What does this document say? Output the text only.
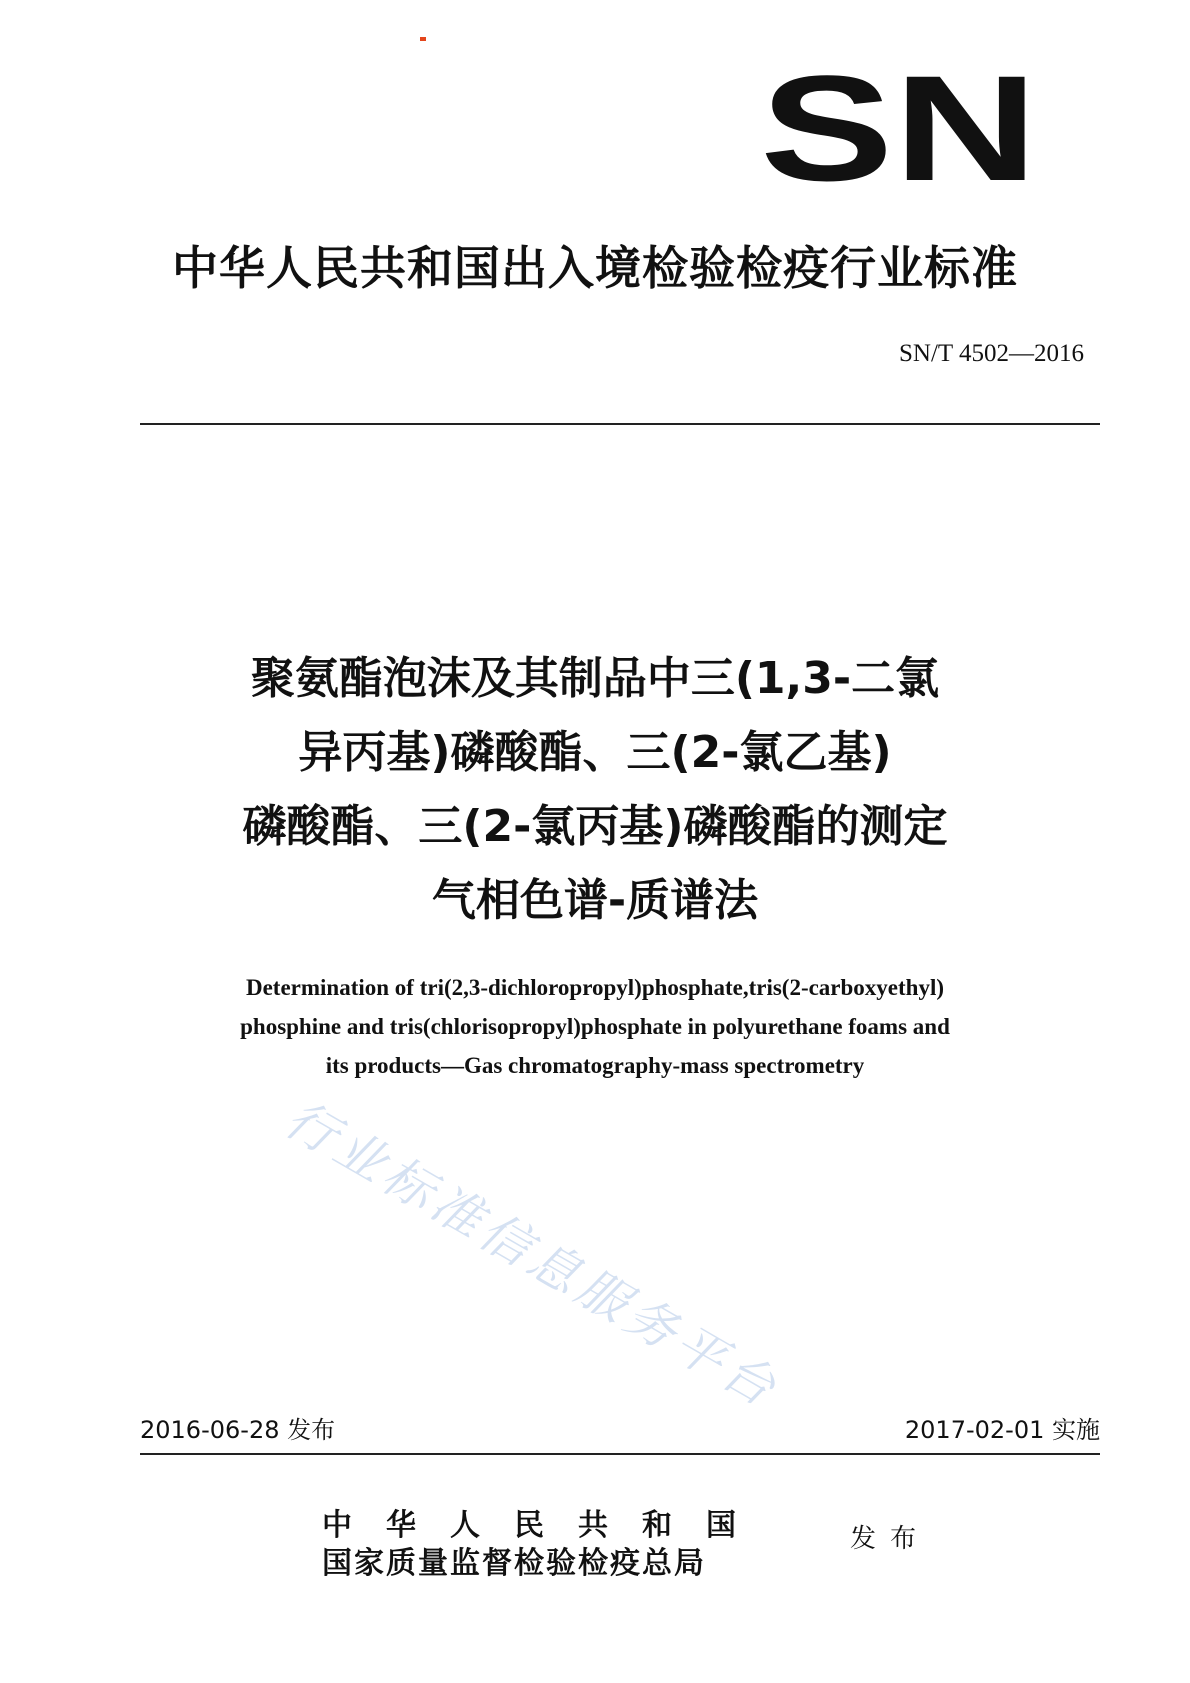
SN
中华人民共和国出入境检验检疫行业标准
SN/T 4502—2016
聚氨酯泡沫及其制品中三(1,3-二氯
异丙基)磷酸酯、三(2-氯乙基)
磷酸酯、三(2-氯丙基)磷酸酯的测定
气相色谱-质谱法
Determination of tri(2,3-dichloropropyl)phosphate,tris(2-carboxyethyl)
phosphine and tris(chlorisopropyl)phosphate in polyurethane foams and
its products—Gas chromatography-mass spectrometry
行业标准信息服务平台
2016-06-28 发布	2017-02-01 实施
中华人民共和国
国家质量监督检验检疫总局
发布
